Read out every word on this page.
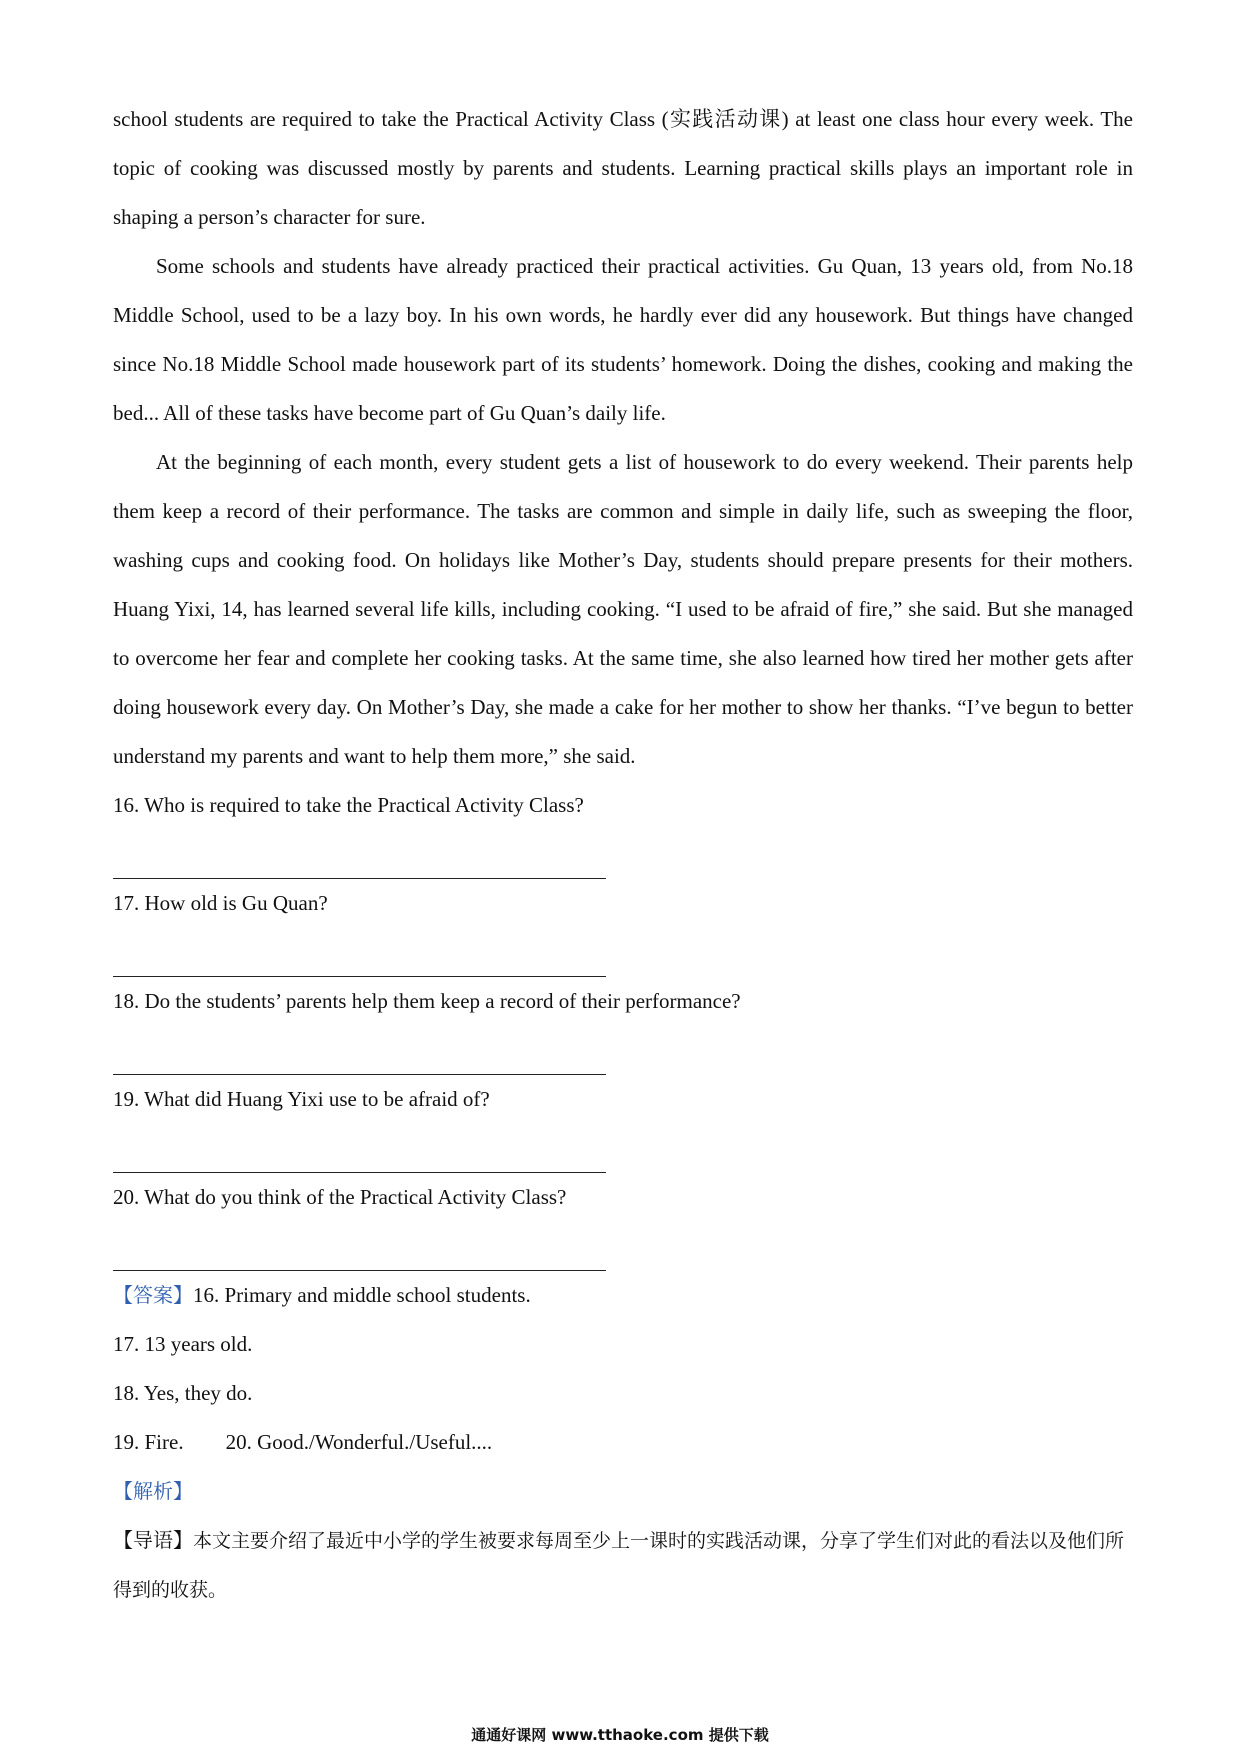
school students are required to take the Practical Activity Class (实践活动课) at least one class hour every week. The topic of cooking was discussed mostly by parents and students. Learning practical skills plays an important role in shaping a person’s character for sure.

Some schools and students have already practiced their practical activities. Gu Quan, 13 years old, from No.18 Middle School, used to be a lazy boy. In his own words, he hardly ever did any housework. But things have changed since No.18 Middle School made housework part of its students’ homework. Doing the dishes, cooking and making the bed... All of these tasks have become part of Gu Quan’s daily life.

At the beginning of each month, every student gets a list of housework to do every weekend. Their parents help them keep a record of their performance. The tasks are common and simple in daily life, such as sweeping the floor, washing cups and cooking food. On holidays like Mother’s Day, students should prepare presents for their mothers. Huang Yixi, 14, has learned several life kills, including cooking. “I used to be afraid of fire,” she said. But she managed to overcome her fear and complete her cooking tasks. At the same time, she also learned how tired her mother gets after doing housework every day. On Mother’s Day, she made a cake for her mother to show her thanks. “I’ve begun to better understand my parents and want to help them more,” she said.

16. Who is required to take the Practical Activity Class?

17. How old is Gu Quan?

18. Do the students’ parents help them keep a record of their performance?

19. What did Huang Yixi use to be afraid of?

20. What do you think of the Practical Activity Class?

【答案】16. Primary and middle school students.

17. 13 years old.

18. Yes, they do.

19. Fire. 20. Good./Wonderful./Useful....

【解析】

【导语】本文主要介绍了最近中小学的学生被要求每周至少上一课时的实践活动课，分享了学生们对此的看法以及他们所得到的收获。

通通好课网 www.tthaoke.com 提供下载
